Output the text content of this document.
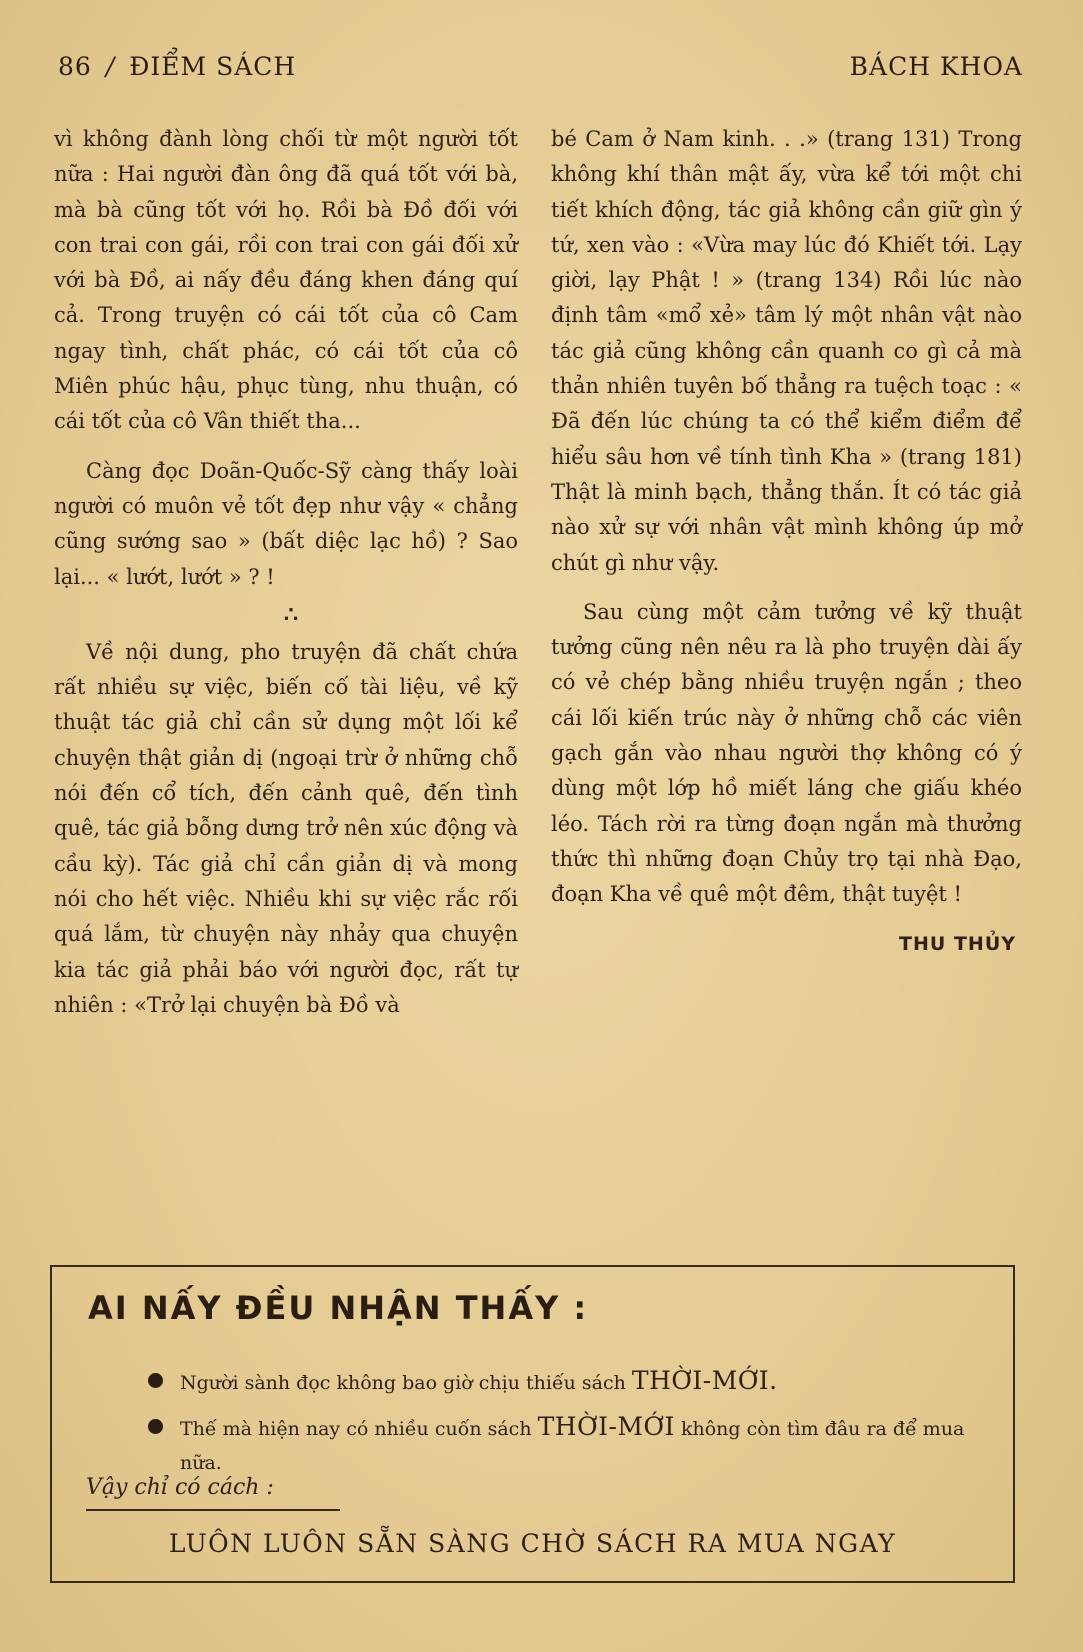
86 / ĐIỂM SÁCH	BÁCH KHOA

vì không đành lòng chối từ một người tốt nữa : Hai người đàn ông đã quá tốt với bà, mà bà cũng tốt với họ. Rồi bà Đồ đối với con trai con gái, rồi con trai con gái đối xử với bà Đồ, ai nấy đều đáng khen đáng quí cả. Trong truyện có cái tốt của cô Cam ngay tình, chất phác, có cái tốt của cô Miên phúc hậu, phục tùng, nhu thuận, có cái tốt của cô Vân thiết tha...

Càng đọc Doãn-Quốc-Sỹ càng thấy loài người có muôn vẻ tốt đẹp như vậy « chẳng cũng sướng sao » (bất diệc lạc hồ) ? Sao lại... « lướt, lướt » ? !

∴

Về nội dung, pho truyện đã chất chứa rất nhiều sự việc, biến cố tài liệu, về kỹ thuật tác giả chỉ cần sử dụng một lối kể chuyện thật giản dị (ngoại trừ ở những chỗ nói đến cổ tích, đến cảnh quê, đến tình quê, tác giả bỗng dưng trở nên xúc động và cầu kỳ). Tác giả chỉ cần giản dị và mong nói cho hết việc. Nhiều khi sự việc rắc rối quá lắm, từ chuyện này nhảy qua chuyện kia tác giả phải báo với người đọc, rất tự nhiên : «Trở lại chuyện bà Đồ và

bé Cam ở Nam kinh. . .» (trang 131) Trong không khí thân mật ấy, vừa kể tới một chi tiết khích động, tác giả không cần giữ gìn ý tứ, xen vào : «Vừa may lúc đó Khiết tới. Lạy giời, lạy Phật ! » (trang 134) Rồi lúc nào định tâm «mổ xẻ» tâm lý một nhân vật nào tác giả cũng không cần quanh co gì cả mà thản nhiên tuyên bố thẳng ra tuệch toạc : « Đã đến lúc chúng ta có thể kiểm điểm để hiểu sâu hơn về tính tình Kha » (trang 181) Thật là minh bạch, thẳng thắn. Ít có tác giả nào xử sự với nhân vật mình không úp mở chút gì như vậy.

Sau cùng một cảm tưởng về kỹ thuật tưởng cũng nên nêu ra là pho truyện dài ấy có vẻ chép bằng nhiều truyện ngắn ; theo cái lối kiến trúc này ở những chỗ các viên gạch gắn vào nhau người thợ không có ý dùng một lớp hồ miết láng che giấu khéo léo. Tách rời ra từng đoạn ngắn mà thưởng thức thì những đoạn Chủy trọ tại nhà Đạo, đoạn Kha về quê một đêm, thật tuyệt !

THU THỦY
AI NẤY ĐỀU NHẬN THẤY :
Người sành đọc không bao giờ chịu thiếu sách THỜI-MỚI.
Thế mà hiện nay có nhiều cuốn sách THỜI-MỚI không còn tìm đâu ra để mua nữa.
Vậy chỉ có cách :
LUÔN LUÔN SẴN SÀNG CHỜ SÁCH RA MUA NGAY
